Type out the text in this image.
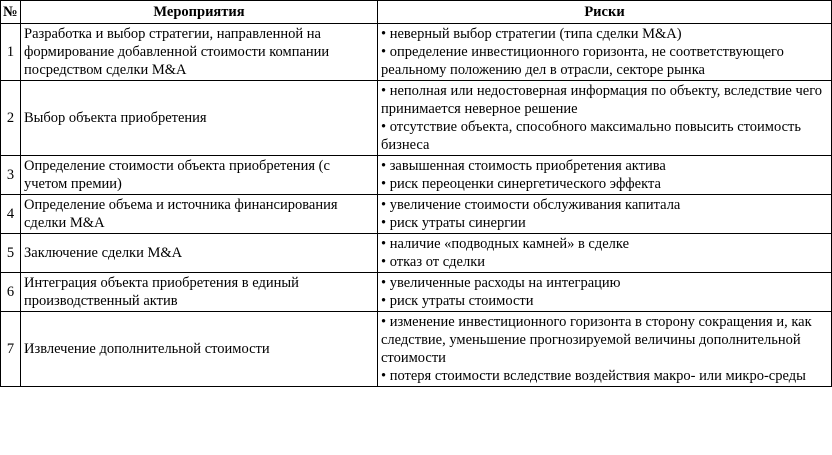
№	Мероприятия	Риски
1	Разработка и выбор стратегии, направленной на формирование добавленной стоимости компании посредством сделки M&A	• неверный выбор стратегии (типа сделки M&A)
• определение инвестиционного горизонта, не соответствующего реальному положению дел в отрасли, секторе рынка

2	Выбор объекта приобретения	• неполная или недостоверная информация по объекту, вследствие чего принимается неверное решение
• отсутствие объекта, способного максимально повысить стоимость бизнеса

3	Определение стоимости объекта приобретения (с учетом премии)	• завышенная стоимость приобретения актива
• риск переоценки синергетического эффекта

4	Определение объема и источника финансирования сделки M&A	• увеличение стоимости обслуживания капитала
• риск утраты синергии

5	Заключение сделки M&A	• наличие «подводных камней» в сделке
• отказ от сделки

6	Интеграция объекта приобретения в единый производственный актив	• увеличенные расходы на интеграцию
• риск утраты стоимости

7	Извлечение дополнительной стоимости	• изменение инвестиционного горизонта в сторону сокращения и, как следствие, уменьшение прогнозируемой величины дополнительной стоимости
• потеря стоимости вследствие воздействия макро- или микро-среды
